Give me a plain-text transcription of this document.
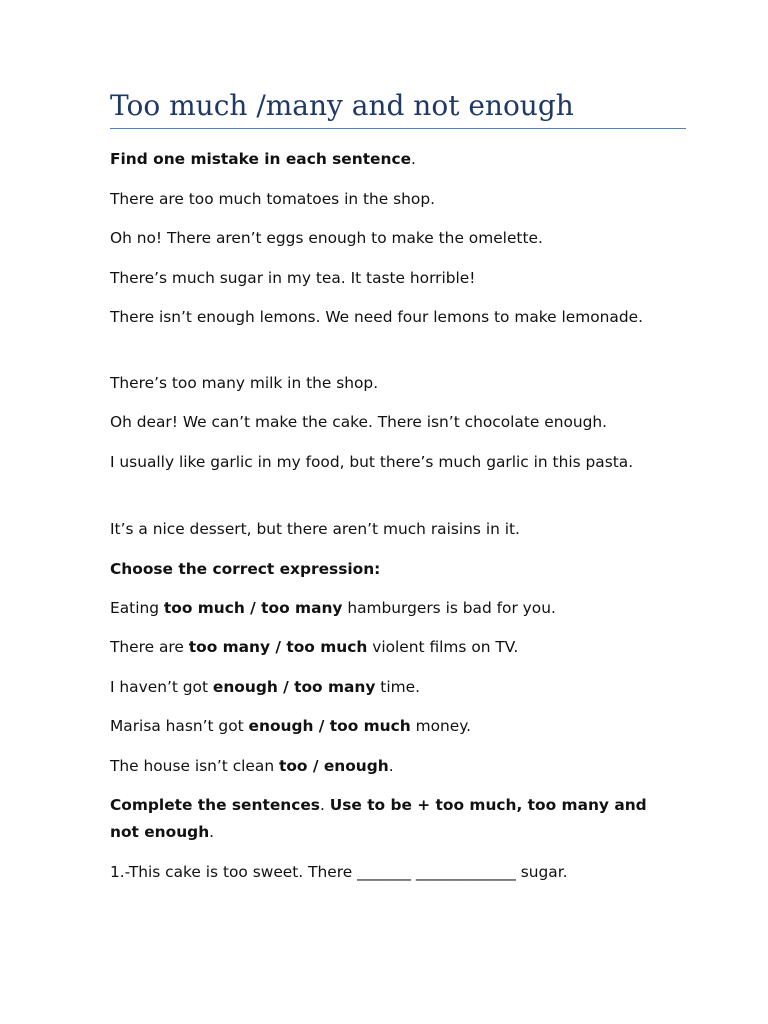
Too much /many and not enough

Find one mistake in each sentence.

There are too much tomatoes in the shop.

Oh no! There aren’t eggs enough to make the omelette.

There’s much sugar in my tea. It taste horrible!

There isn’t enough lemons. We need four lemons to make lemonade.

There’s too many milk in the shop.

Oh dear! We can’t make the cake. There isn’t chocolate enough.

I usually like garlic in my food, but there’s much garlic in this pasta.

It’s a nice dessert, but there aren’t much raisins in it.

Choose the correct expression:

Eating too much / too many hamburgers is bad for you.

There are too many / too much violent films on TV.

I haven’t got enough / too many time.

Marisa hasn’t got enough / too much money.

The house isn’t clean too / enough.

Complete the sentences. Use to be + too much, too many and not enough.

1.-This cake is too sweet. There _______ _____________ sugar.
